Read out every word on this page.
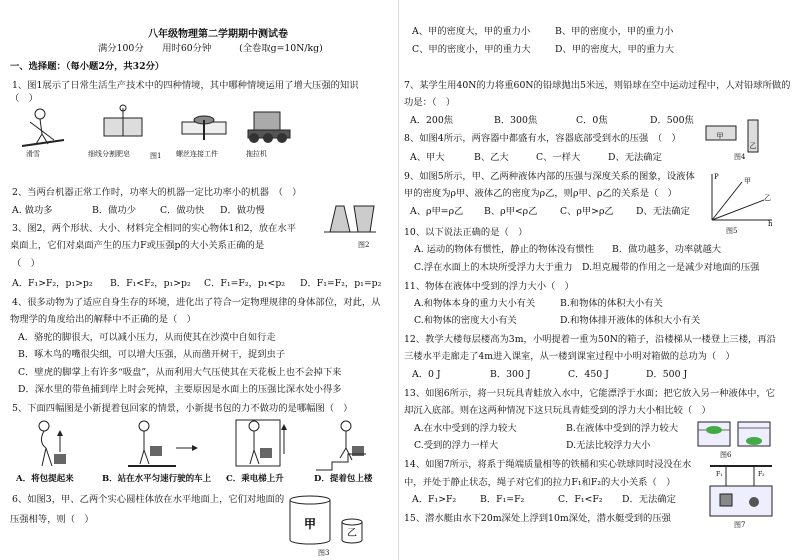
八年级物理第二学期期中测试卷
满分100分　　用时60分钟　　　(全卷取g=10N/kg)
一、选择题：（每小题2分，共32分）
1、图1展示了日常生活生产技术中的四种情境，其中哪种情境运用了增大压强的知识
（　）
滑雪	细线分割肥皂	螺丝连接工件	拖拉机
图1
2、当两台机器正常工作时，功率大的机器一定比功率小的机器　（　）
A. 做功多	B．做功少	C．做功快 D．做功慢
3、图2，两个形状、大小、材料完全相同的实心物体1和2，放在水平
桌面上，它们对桌面产生的压力F或压强p的大小关系正确的是
（　）
图2
A．F₁>F₂，p₁>p₂ B．F₁<F₂，p₁>p₂ C．F₁=F₂，p₁<p₂ D．F₁=F₂，p₁=p₂
4、很多动物为了适应自身生存的环境，进化出了符合一定物理规律的身体部位，对此，从
物理学的角度给出的解释中不正确的是（　）
A．骆驼的脚很大，可以减小压力，从而使其在沙漠中自如行走
B．啄木鸟的嘴很尖细，可以增大压强，从而凿开树干，捉到虫子
C．壁虎的脚掌上有许多“吸盘”，从而利用大气压使其在天花板上也不会掉下来
D．深水里的带鱼捕到岸上时会死掉，主要原因是水面上的压强比深水处小得多
5、下面四幅图是小新提着包回家的情景，小新提书包的力不做功的是哪幅图（　）
A．将包提起来	B．站在水平匀速行驶的车上 C．乘电梯上升	D．提着包上楼
6、如图3，甲、乙两个实心圆柱体放在水平地面上，它们对地面的
压强相等，则（　）	甲
乙
图3
A、甲的密度大，甲的重力小	B、甲的密度小，甲的重力小
C、甲的密度小，甲的重力大	D、甲的密度大，甲的重力大
7、某学生用40N的力将重60N的铅球抛出5米远，则铅球在空中运动过程中，人对铅球所做的
功是：（　）
A．200焦	B．300焦	C．0焦	D．500焦
8、如图4所示，两容器中都盛有水，容器底部受到水的压强　（　）
A、甲大	B、乙大	C、一样大	D、无法确定
甲
乙
图4
9、如图5所示，甲、乙两种液体内部的压强与深度关系的图象，设液体
甲的密度为ρ甲、液体乙的密度为ρ乙，则ρ甲、ρ乙的关系是（　）
A、ρ甲=ρ乙 B、ρ甲<ρ乙 C、ρ甲>ρ乙 D、无法确定
P
h
甲
乙
图5
10、以下说法正确的是（　）
A. 运动的物体有惯性，静止的物体没有惯性 B．做功越多，功率就越大
C.浮在水面上的木块所受浮力大于重力 D.坦克履带的作用之一是减少对地面的压强
11、物体在液体中受到的浮力大小（　）
A.和物体本身的重力大小有关	B.和物体的体积大小有关
C.和物体的密度大小有关	D.和物体排开液体的体积大小有关
12、教学大楼每层楼高为3m，小明提着一重为50N的箱子，沿楼梯从一楼登上三楼，再沿
三楼水平走廊走了4m进入课室，从一楼到课室过程中小明对箱做的总功为（　）
A．0 J	B．300 J	C．450 J	D．500 J
13、如图6所示，将一只玩具青蛙放入水中，它能漂浮于水面；把它放入另一种液体中，它
却沉入底部。则在这两种情况下这只玩具青蛙受到的浮力大小相比较（　）
A.在水中受到的浮力较大	B.在液体中受到的浮力较大
C.受到的浮力一样大	D.无法比较浮力大小
图6
14、如图7所示，将系于绳端质量相等的铁桶和实心铁球同时浸没在水
中，并处于静止状态，绳子对它们的拉力F₁和F₂的大小关系（　）
A．F₁>F₂	B．F₁=F₂	C．F₁<F₂ D．无法确定
F₁	F₂
图7
15、潜水艇由水下20m深处上浮到10m深处，潜水艇受到的压强
